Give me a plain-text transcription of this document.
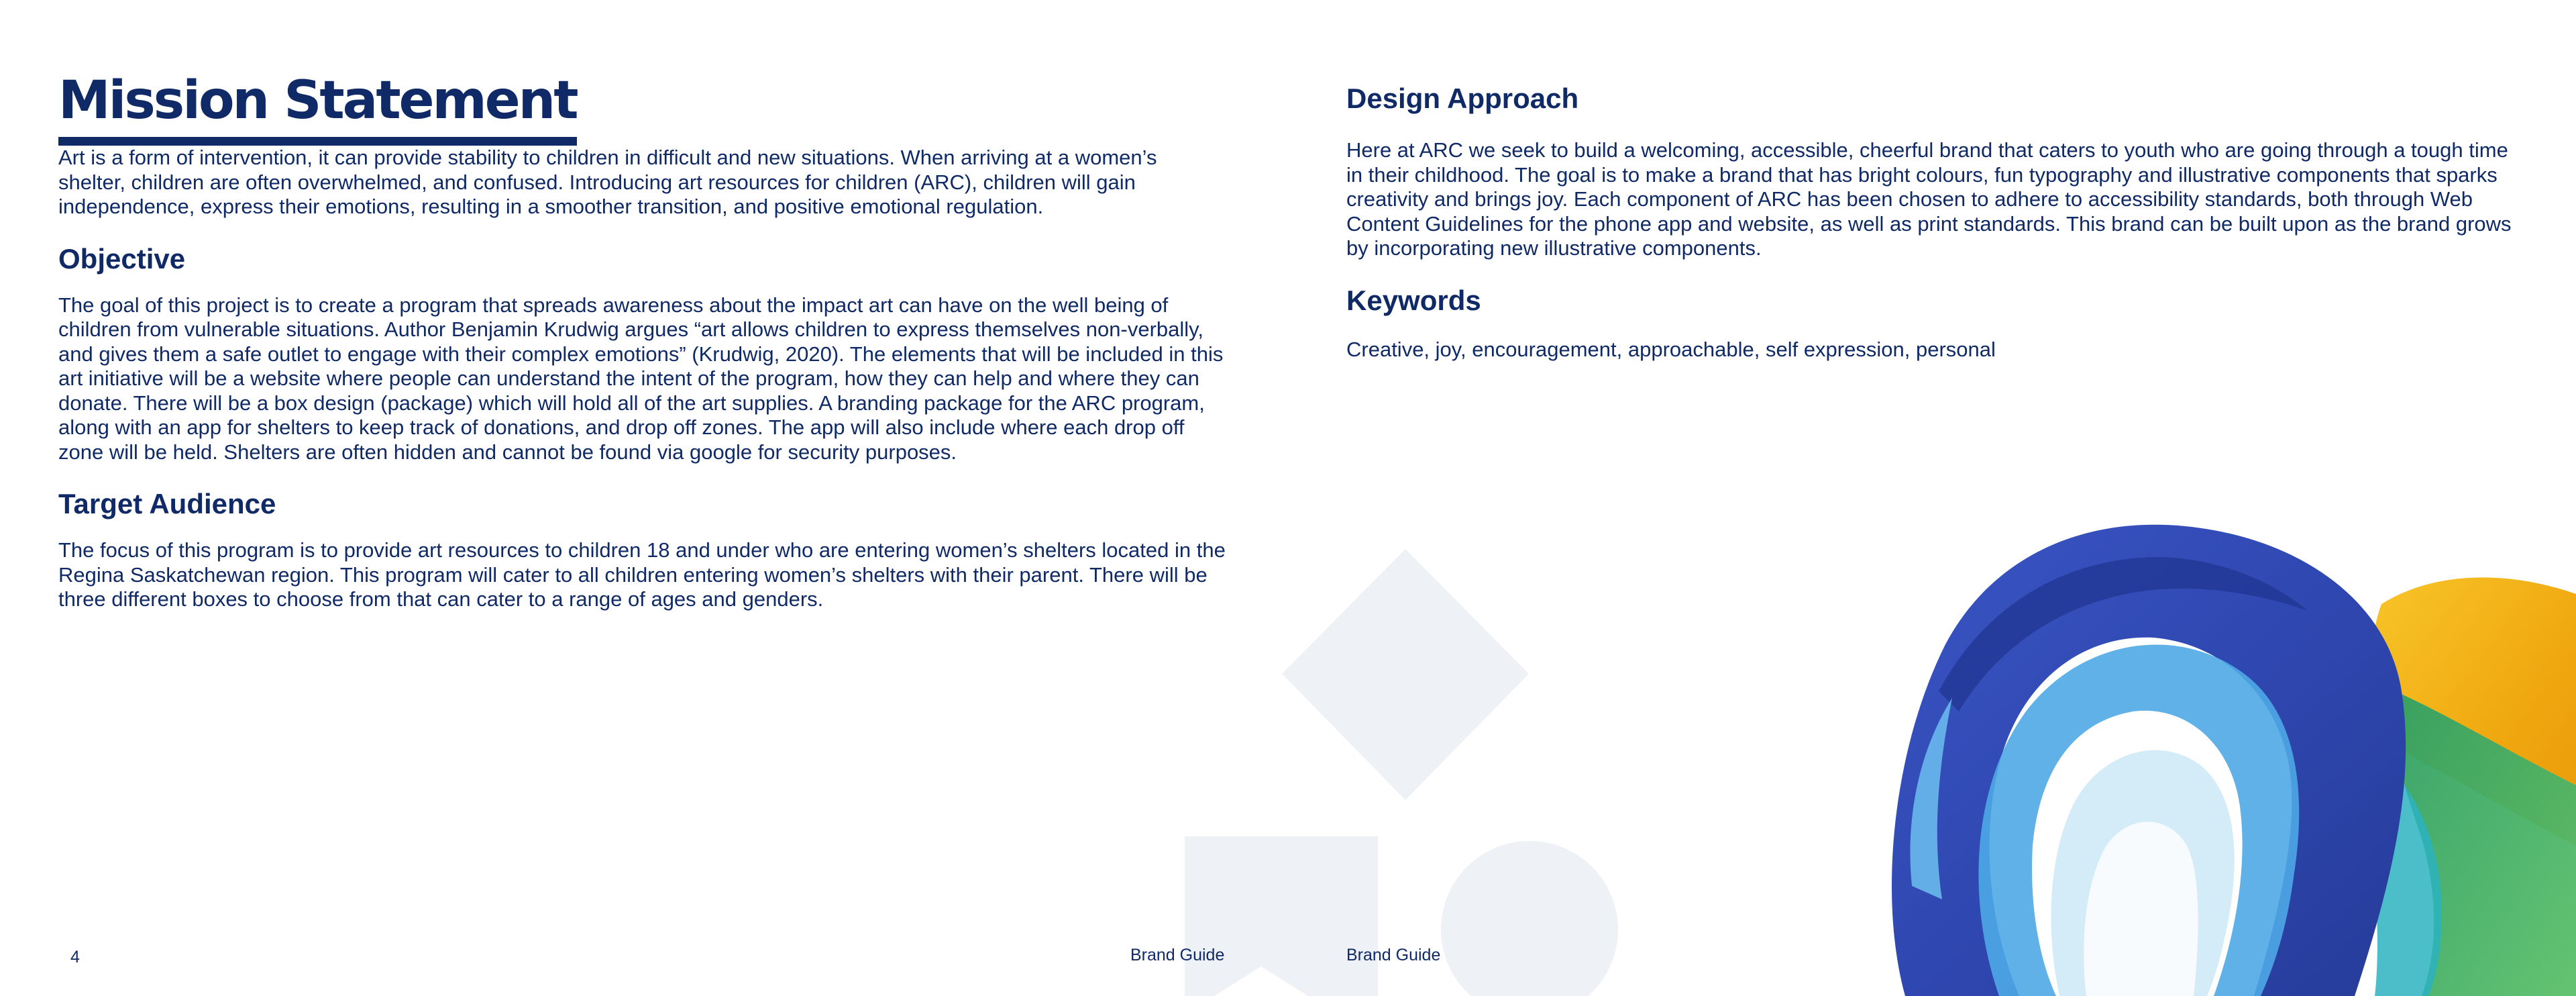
Mission Statement

Art is a form of intervention, it can provide stability to children in difficult and new situations. When arriving at a women’s shelter, children are often overwhelmed, and confused. Introducing art resources for children (ARC), children will gain independence, express their emotions, resulting in a smoother transition, and positive emotional regulation.

Objective

The goal of this project is to create a program that spreads awareness about the impact art can have on the well being of children from vulnerable situations. Author Benjamin Krudwig argues “art allows children to express themselves non-verbally, and gives them a safe outlet to engage with their complex emotions” (Krudwig, 2020). The elements that will be included in this art initiative will be a website where people can understand the intent of the program, how they can help and where they can donate. There will be a box design (package) which will hold all of the art supplies. A branding package for the ARC program, along with an app for shelters to keep track of donations, and drop off zones. The app will also include where each drop off zone will be held. Shelters are often hidden and cannot be found via google for security purposes.

Target Audience

The focus of this program is to provide art resources to children 18 and under who are entering women’s shelters located in the Regina Saskatchewan region. This program will cater to all children entering women’s shelters with their parent. There will be three different boxes to choose from that can cater to a range of ages and genders.

Design Approach

Here at ARC we seek to build a welcoming, accessible, cheerful brand that caters to youth who are going through a tough time in their childhood. The goal is to make a brand that has bright colours, fun typography and illustrative components that sparks creativity and brings joy. Each component of ARC has been chosen to adhere to accessibility standards, both through Web Content Guidelines for the phone app and website, as well as print standards. This brand can be built upon as the brand grows by incorporating new illustrative components.

Keywords

Creative, joy, encouragement, approachable, self expression, personal

4	Brand Guide	Brand Guide
